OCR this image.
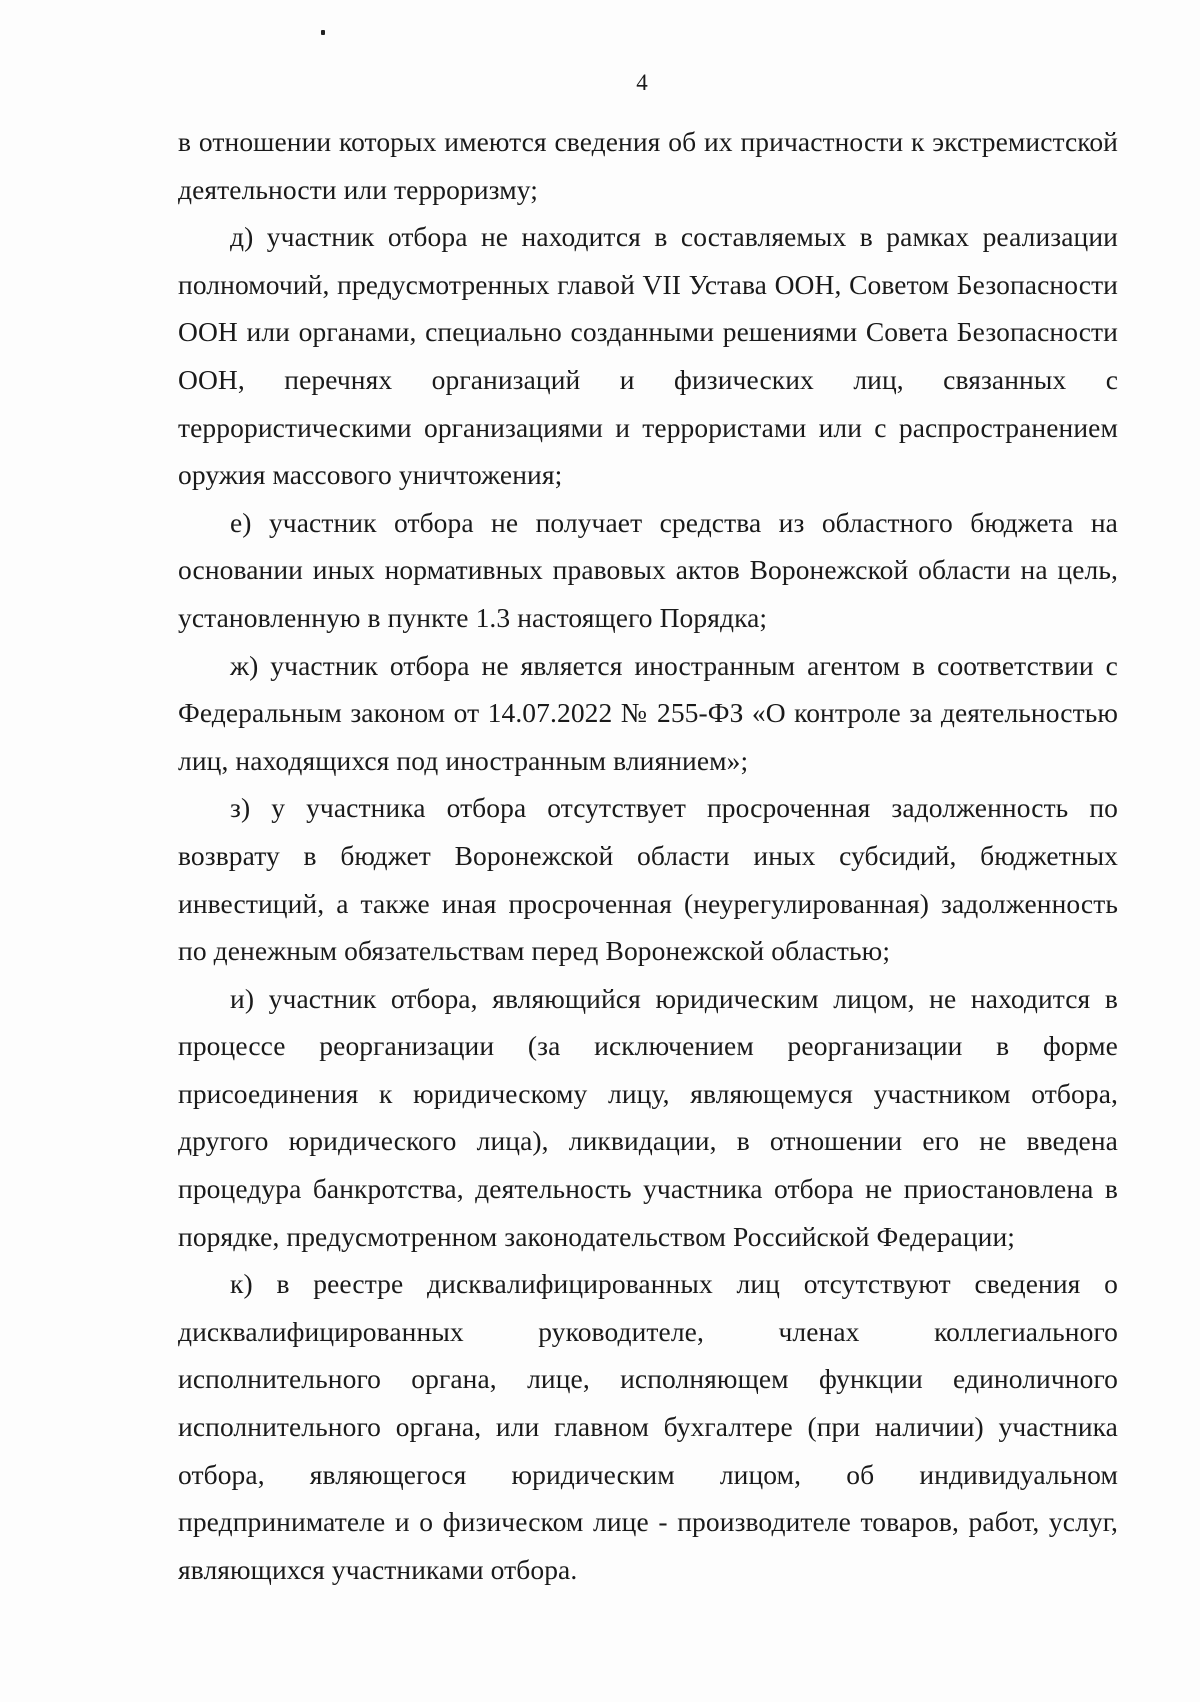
4

в отношении которых имеются сведения об их причастности к экстремистской деятельности или терроризму;

д) участник отбора не находится в составляемых в рамках реализации полномочий, предусмотренных главой VII Устава ООН, Советом Безопасности ООН или органами, специально созданными решениями Совета Безопасности ООН, перечнях организаций и физических лиц, связанных с террористическими организациями и террористами или с распространением оружия массового уничтожения;

е) участник отбора не получает средства из областного бюджета на основании иных нормативных правовых актов Воронежской области на цель, установленную в пункте 1.3 настоящего Порядка;

ж) участник отбора не является иностранным агентом в соответствии с Федеральным законом от 14.07.2022 № 255-ФЗ «О контроле за деятельностью лиц, находящихся под иностранным влиянием»;

з) у участника отбора отсутствует просроченная задолженность по возврату в бюджет Воронежской области иных субсидий, бюджетных инвестиций, а также иная просроченная (неурегулированная) задолженность по денежным обязательствам перед Воронежской областью;

и) участник отбора, являющийся юридическим лицом, не находится в процессе реорганизации (за исключением реорганизации в форме присоединения к юридическому лицу, являющемуся участником отбора, другого юридического лица), ликвидации, в отношении его не введена процедура банкротства, деятельность участника отбора не приостановлена в порядке, предусмотренном законодательством Российской Федерации;

к) в реестре дисквалифицированных лиц отсутствуют сведения о дисквалифицированных руководителе, членах коллегиального исполнительного органа, лице, исполняющем функции единоличного исполнительного органа, или главном бухгалтере (при наличии) участника отбора, являющегося юридическим лицом, об индивидуальном предпринимателе и о физическом лице - производителе товаров, работ, услуг, являющихся участниками отбора.
